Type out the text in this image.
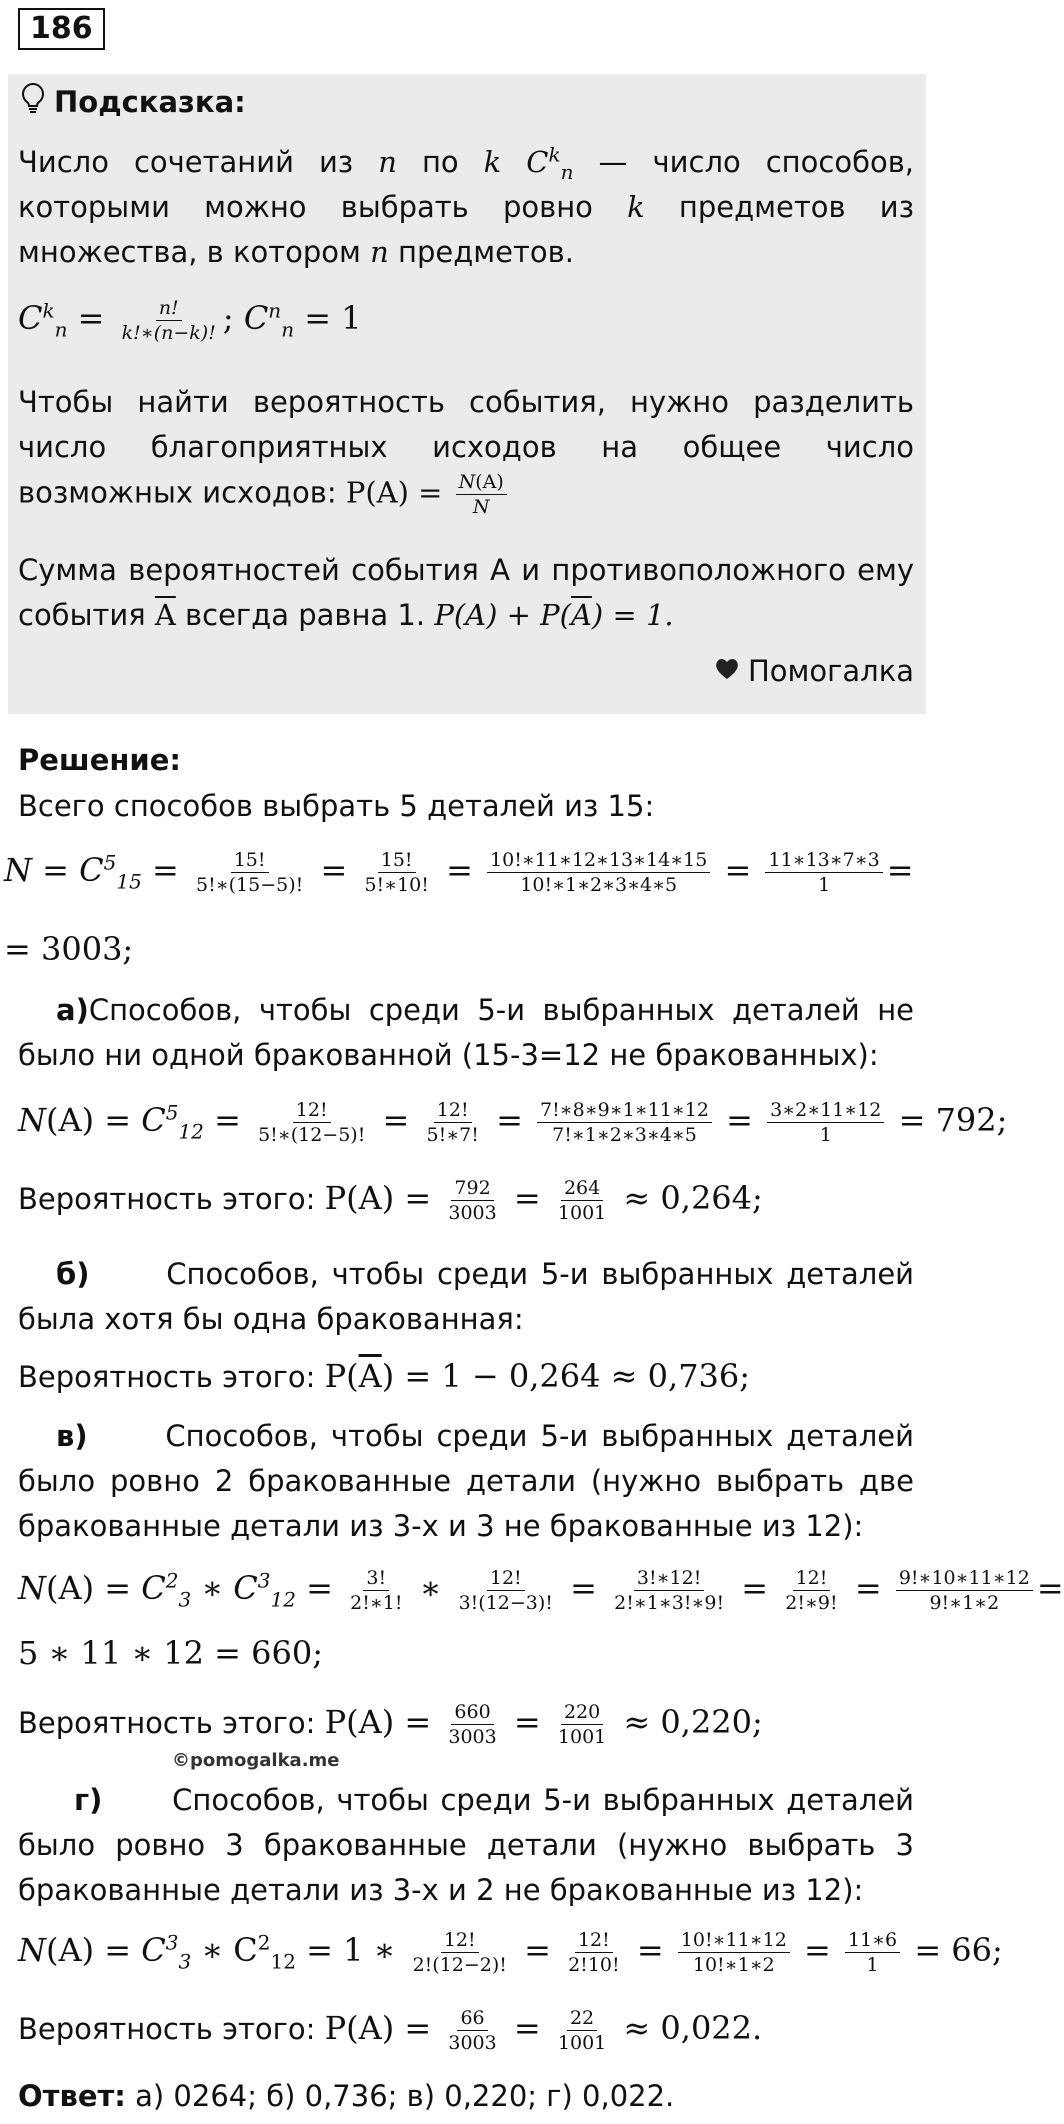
186
Подсказка:
Число сочетаний из n по k $C^k_n$ — число способов, которыми можно выбрать ровно k предметов из множества, в котором n предметов.
$C^k_n = \frac{n!}{k!∗(n-k)!}$ ; $C^n_n = 1$
Чтобы найти вероятность события, нужно разделить число благоприятных исходов на общее число возможных исходов: $P(A) = \frac{N(A)}{N}$
Сумма вероятностей события А и противоположного ему события $\overline{A}$ всегда равна 1. $P(A) + P(\overline{A}) = 1$.
Помогалка
Решение:
Всего способов выбрать 5 деталей из 15:
$N = C^5_{15} = \frac{15!}{5!∗(15-5)!} = \frac{15!}{5!∗10!} = \frac{10!∗11∗12∗13∗14∗15}{10!∗1∗2∗3∗4∗5} = \frac{11∗13∗7∗3}{1}$ =
= 3003;
а)Способов, чтобы среди 5-и выбранных деталей не было ни одной бракованной (15-3=12 не бракованных):
$N(A) = C^5_{12} = \frac{12!}{5!∗(12-5)!} = \frac{12!}{5!∗7!} = \frac{7!∗8∗9∗1∗11∗12}{7!∗1∗2∗3∗4∗5} = \frac{3∗2∗11∗12}{1} = 792$;
Вероятность этого: $P(A) = \frac{792}{3003} = \frac{264}{1001} \approx 0,264$;
б)	Способов, чтобы среди 5-и выбранных деталей была хотя бы одна бракованная:
Вероятность этого: $P(\overline{A}) = 1 - 0,264 \approx 0,736$;
в)	Способов, чтобы среди 5-и выбранных деталей было ровно 2 бракованные детали (нужно выбрать две бракованные детали из 3-х и 3 не бракованные из 12):
$N(A) = C^2_3$ ∗ $C^3_{12} = \frac{3!}{2!∗1!}$ ∗ $\frac{12!}{3!(12-3)!} = \frac{3!∗12!}{2!∗1∗3!∗9!} = \frac{12!}{2!∗9!} = \frac{9!∗10∗11∗12}{9!∗1∗2}$ =
5 ∗ 11 ∗ 12 = 660;
Вероятность этого: $P(A) = \frac{660}{3003} = \frac{220}{1001} \approx 0,220$;
©pomogalka.me
г) Способов, чтобы среди 5-и выбранных деталей было ровно 3 бракованные детали (нужно выбрать 3 бракованные детали из 3-х и 2 не бракованные из 12):
$N(A) = C^3_3$ ∗ $C^2_{12} = 1$ ∗ $\frac{12!}{2!(12-2)!} = \frac{12!}{2!10!} = \frac{10!∗11∗12}{10!∗1∗2} = \frac{11∗6}{1} = 66$;
Вероятность этого: $P(A) = \frac{66}{3003} = \frac{22}{1001} \approx 0,022$.
Ответ: а) 0264; б) 0,736; в) 0,220; г) 0,022.
